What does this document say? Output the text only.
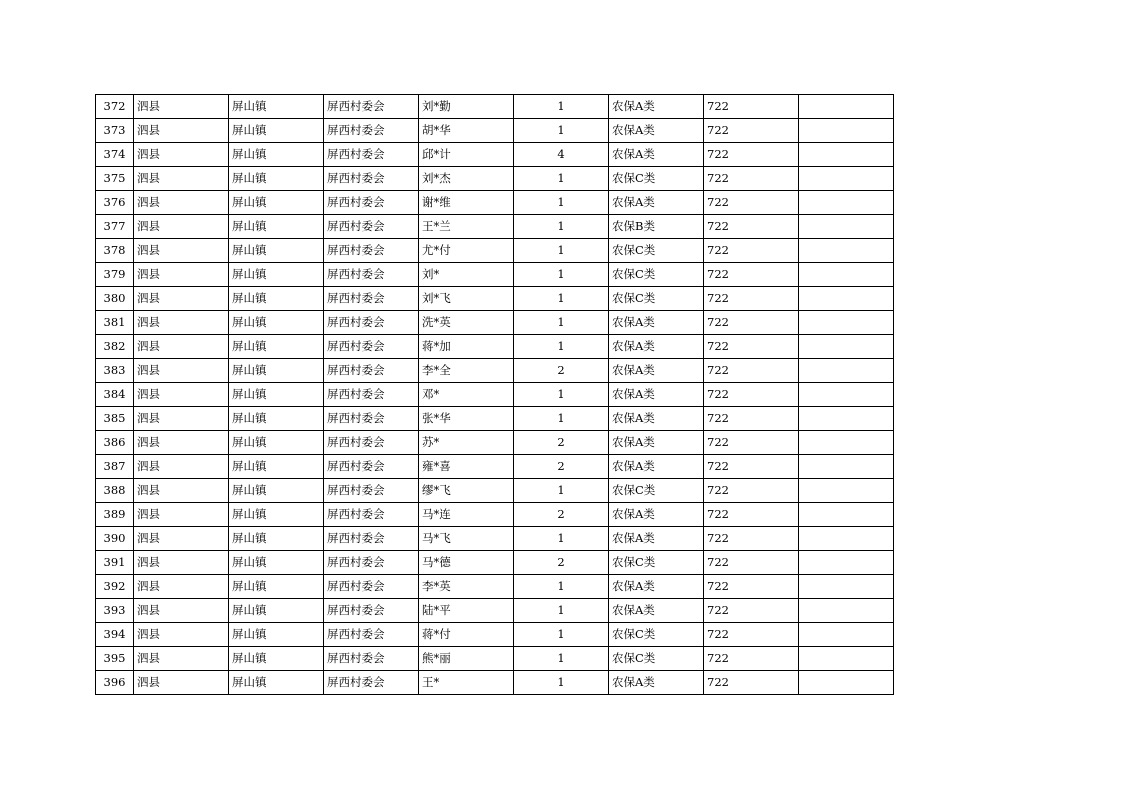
372	泗县	屏山镇	屏西村委会	刘*勤	1	农保A类	722	
373	泗县	屏山镇	屏西村委会	胡*华	1	农保A类	722	
374	泗县	屏山镇	屏西村委会	邱*计	4	农保A类	722	
375	泗县	屏山镇	屏西村委会	刘*杰	1	农保C类	722	
376	泗县	屏山镇	屏西村委会	谢*维	1	农保A类	722	
377	泗县	屏山镇	屏西村委会	王*兰	1	农保B类	722	
378	泗县	屏山镇	屏西村委会	尤*付	1	农保C类	722	
379	泗县	屏山镇	屏西村委会	刘*	1	农保C类	722	
380	泗县	屏山镇	屏西村委会	刘*飞	1	农保C类	722	
381	泗县	屏山镇	屏西村委会	洗*英	1	农保A类	722	
382	泗县	屏山镇	屏西村委会	蒋*加	1	农保A类	722	
383	泗县	屏山镇	屏西村委会	李*全	2	农保A类	722	
384	泗县	屏山镇	屏西村委会	邓*	1	农保A类	722	
385	泗县	屏山镇	屏西村委会	张*华	1	农保A类	722	
386	泗县	屏山镇	屏西村委会	苏*	2	农保A类	722	
387	泗县	屏山镇	屏西村委会	雍*喜	2	农保A类	722	
388	泗县	屏山镇	屏西村委会	缪*飞	1	农保C类	722	
389	泗县	屏山镇	屏西村委会	马*连	2	农保A类	722	
390	泗县	屏山镇	屏西村委会	马*飞	1	农保A类	722	
391	泗县	屏山镇	屏西村委会	马*德	2	农保C类	722	
392	泗县	屏山镇	屏西村委会	李*英	1	农保A类	722	
393	泗县	屏山镇	屏西村委会	陆*平	1	农保A类	722	
394	泗县	屏山镇	屏西村委会	蒋*付	1	农保C类	722	
395	泗县	屏山镇	屏西村委会	熊*丽	1	农保C类	722	
396	泗县	屏山镇	屏西村委会	王*	1	农保A类	722	
